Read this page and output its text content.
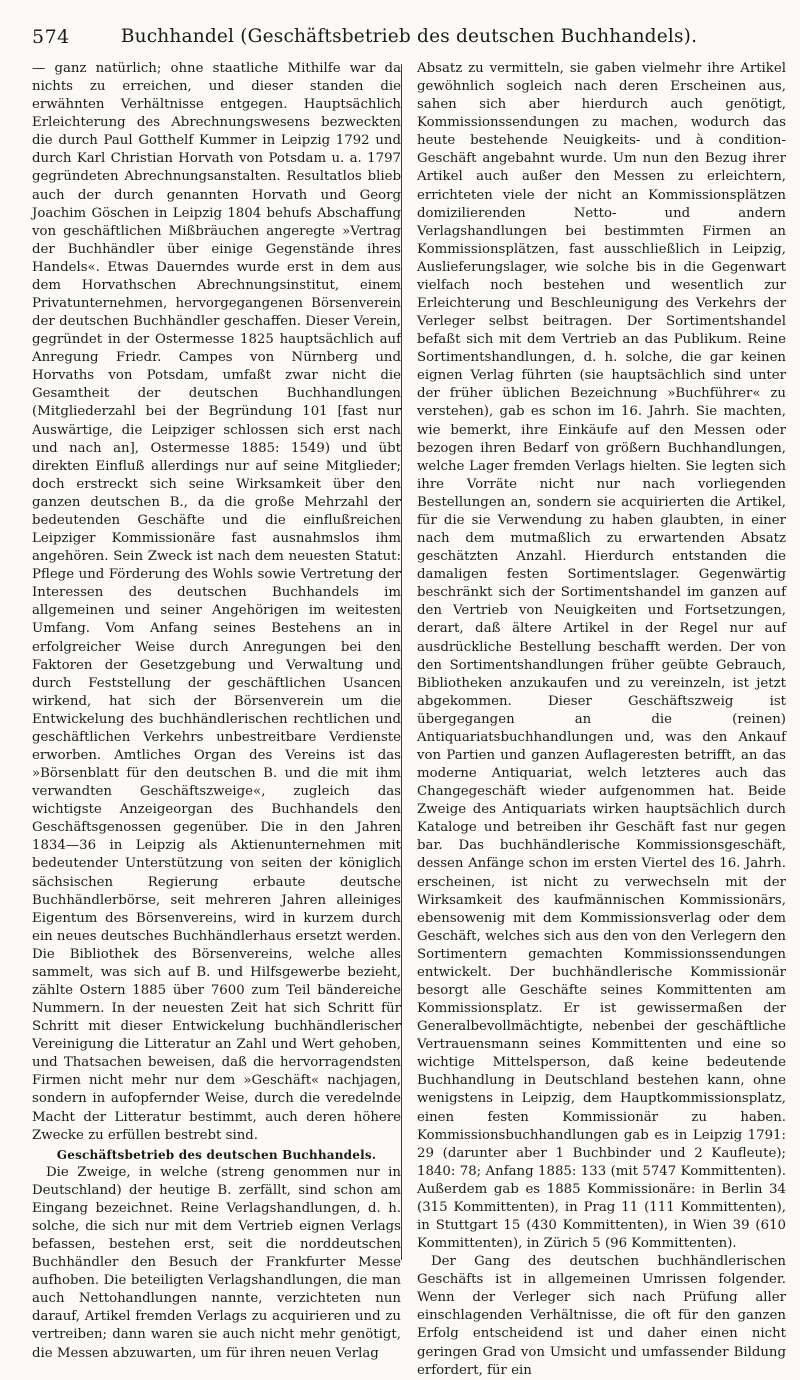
574	Buchhandel (Geschäftsbetrieb des deutschen Buchhandels).

— ganz natürlich; ohne staatliche Mithilfe war da nichts zu erreichen, und dieser standen die erwähnten Verhältnisse entgegen. Hauptsächlich Erleichterung des Abrechnungswesens bezweckten die durch Paul Gotthelf Kummer in Leipzig 1792 und durch Karl Christian Horvath von Potsdam u. a. 1797 gegründeten Abrechnungsanstalten. Resultatlos blieb auch der durch genannten Horvath und Georg Joachim Göschen in Leipzig 1804 behufs Abschaffung von geschäftlichen Mißbräuchen angeregte »Vertrag der Buchhändler über einige Gegenstände ihres Handels«. Etwas Dauerndes wurde erst in dem aus dem Horvathschen Abrechnungsinstitut, einem Privatunternehmen, hervorgegangenen Börsenverein der deutschen Buchhändler geschaffen. Dieser Verein, gegründet in der Ostermesse 1825 hauptsächlich auf Anregung Friedr. Campes von Nürnberg und Horvaths von Potsdam, umfaßt zwar nicht die Gesamtheit der deutschen Buchhandlungen (Mitgliederzahl bei der Begründung 101 [fast nur Auswärtige, die Leipziger schlossen sich erst nach und nach an], Ostermesse 1885: 1549) und übt direkten Einfluß allerdings nur auf seine Mitglieder; doch erstreckt sich seine Wirksamkeit über den ganzen deutschen B., da die große Mehrzahl der bedeutenden Geschäfte und die einflußreichen Leipziger Kommissionäre fast ausnahmslos ihm angehören. Sein Zweck ist nach dem neuesten Statut: Pflege und Förderung des Wohls sowie Vertretung der Interessen des deutschen Buchhandels im allgemeinen und seiner Angehörigen im weitesten Umfang. Vom Anfang seines Bestehens an in erfolgreicher Weise durch Anregungen bei den Faktoren der Gesetzgebung und Verwaltung und durch Feststellung der geschäftlichen Usancen wirkend, hat sich der Börsenverein um die Entwickelung des buchhändlerischen rechtlichen und geschäftlichen Verkehrs unbestreitbare Verdienste erworben. Amtliches Organ des Vereins ist das »Börsenblatt für den deutschen B. und die mit ihm verwandten Geschäftszweige«, zugleich das wichtigste Anzeigeorgan des Buchhandels den Geschäftsgenossen gegenüber. Die in den Jahren 1834—36 in Leipzig als Aktienunternehmen mit bedeutender Unterstützung von seiten der königlich sächsischen Regierung erbaute deutsche Buchhändlerbörse, seit mehreren Jahren alleiniges Eigentum des Börsenvereins, wird in kurzem durch ein neues deutsches Buchhändlerhaus ersetzt werden. Die Bibliothek des Börsenvereins, welche alles sammelt, was sich auf B. und Hilfsgewerbe bezieht, zählte Ostern 1885 über 7600 zum Teil bändereiche Nummern. In der neuesten Zeit hat sich Schritt für Schritt mit dieser Entwickelung buchhändlerischer Vereinigung die Litteratur an Zahl und Wert gehoben, und Thatsachen beweisen, daß die hervorragendsten Firmen nicht mehr nur dem »Geschäft« nachjagen, sondern in aufopfernder Weise, durch die veredelnde Macht der Litteratur bestimmt, auch deren höhere Zwecke zu erfüllen bestrebt sind.

Geschäftsbetrieb des deutschen Buchhandels.

Die Zweige, in welche (streng genommen nur in Deutschland) der heutige B. zerfällt, sind schon am Eingang bezeichnet. Reine Verlagshandlungen, d. h. solche, die sich nur mit dem Vertrieb eignen Verlags befassen, bestehen erst, seit die norddeutschen Buchhändler den Besuch der Frankfurter Messe aufhoben. Die beteiligten Verlagshandlungen, die man auch Nettohandlungen nannte, verzichteten nun darauf, Artikel fremden Verlags zu acquirieren und zu vertreiben; dann waren sie auch nicht mehr genötigt, die Messen abzuwarten, um für ihren neuen Verlag

Absatz zu vermitteln, sie gaben vielmehr ihre Artikel gewöhnlich sogleich nach deren Erscheinen aus, sahen sich aber hierdurch auch genötigt, Kommissionssendungen zu machen, wodurch das heute bestehende Neuigkeits- und à condition-Geschäft angebahnt wurde. Um nun den Bezug ihrer Artikel auch außer den Messen zu erleichtern, errichteten viele der nicht an Kommissionsplätzen domizilierenden Netto- und andern Verlagshandlungen bei bestimmten Firmen an Kommissionsplätzen, fast ausschließlich in Leipzig, Auslieferungslager, wie solche bis in die Gegenwart vielfach noch bestehen und wesentlich zur Erleichterung und Beschleunigung des Verkehrs der Verleger selbst beitragen. Der Sortimentshandel befaßt sich mit dem Vertrieb an das Publikum. Reine Sortimentshandlungen, d. h. solche, die gar keinen eignen Verlag führten (sie hauptsächlich sind unter der früher üblichen Bezeichnung »Buchführer« zu verstehen), gab es schon im 16. Jahrh. Sie machten, wie bemerkt, ihre Einkäufe auf den Messen oder bezogen ihren Bedarf von größern Buchhandlungen, welche Lager fremden Verlags hielten. Sie legten sich ihre Vorräte nicht nur nach vorliegenden Bestellungen an, sondern sie acquirierten die Artikel, für die sie Verwendung zu haben glaubten, in einer nach dem mutmaßlich zu erwartenden Absatz geschätzten Anzahl. Hierdurch entstanden die damaligen festen Sortimentslager. Gegenwärtig beschränkt sich der Sortimentshandel im ganzen auf den Vertrieb von Neuigkeiten und Fortsetzungen, derart, daß ältere Artikel in der Regel nur auf ausdrückliche Bestellung beschafft werden. Der von den Sortimentshandlungen früher geübte Gebrauch, Bibliotheken anzukaufen und zu vereinzeln, ist jetzt abgekommen. Dieser Geschäftszweig ist übergegangen an die (reinen) Antiquariatsbuchhandlungen und, was den Ankauf von Partien und ganzen Auflageresten betrifft, an das moderne Antiquariat, welch letzteres auch das Changegeschäft wieder aufgenommen hat. Beide Zweige des Antiquariats wirken hauptsächlich durch Kataloge und betreiben ihr Geschäft fast nur gegen bar. Das buchhändlerische Kommissionsgeschäft, dessen Anfänge schon im ersten Viertel des 16. Jahrh. erscheinen, ist nicht zu verwechseln mit der Wirksamkeit des kaufmännischen Kommissionärs, ebensowenig mit dem Kommissionsverlag oder dem Geschäft, welches sich aus den von den Verlegern den Sortimentern gemachten Kommissionssendungen entwickelt. Der buchhändlerische Kommissionär besorgt alle Geschäfte seines Kommittenten am Kommissionsplatz. Er ist gewissermaßen der Generalbevollmächtigte, nebenbei der geschäftliche Vertrauensmann seines Kommittenten und eine so wichtige Mittelsperson, daß keine bedeutende Buchhandlung in Deutschland bestehen kann, ohne wenigstens in Leipzig, dem Hauptkommissionsplatz, einen festen Kommissionär zu haben. Kommissionsbuchhandlungen gab es in Leipzig 1791: 29 (darunter aber 1 Buchbinder und 2 Kaufleute); 1840: 78; Anfang 1885: 133 (mit 5747 Kommittenten). Außerdem gab es 1885 Kommissionäre: in Berlin 34 (315 Kommittenten), in Prag 11 (111 Kommittenten), in Stuttgart 15 (430 Kommittenten), in Wien 39 (610 Kommittenten), in Zürich 5 (96 Kommittenten).

Der Gang des deutschen buchhändlerischen Geschäfts ist in allgemeinen Umrissen folgender. Wenn der Verleger sich nach Prüfung aller einschlagenden Verhältnisse, die oft für den ganzen Erfolg entscheidend ist und daher einen nicht geringen Grad von Umsicht und umfassender Bildung erfordert, für ein
